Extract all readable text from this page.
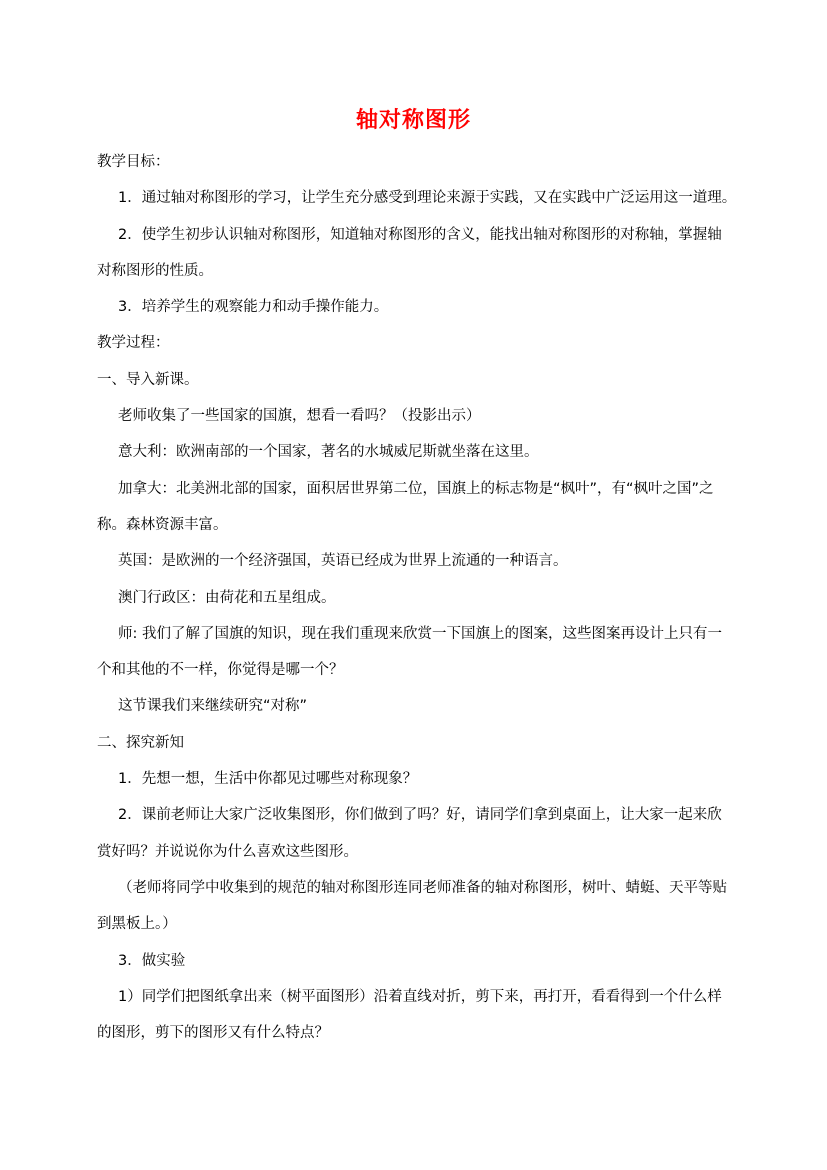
轴对称图形
教学目标：
1．通过轴对称图形的学习，让学生充分感受到理论来源于实践，又在实践中广泛运用这一道理。
2．使学生初步认识轴对称图形，知道轴对称图形的含义，能找出轴对称图形的对称轴，掌握轴
对称图形的性质。
3．培养学生的观察能力和动手操作能力。
教学过程：
一、导入新课。
老师收集了一些国家的国旗，想看一看吗？（投影出示）
意大利：欧洲南部的一个国家，著名的水城威尼斯就坐落在这里。
加拿大：北美洲北部的国家，面积居世界第二位，国旗上的标志物是“枫叶”，有“枫叶之国”之
称。森林资源丰富。
英国：是欧洲的一个经济强国，英语已经成为世界上流通的一种语言。
澳门行政区：由荷花和五星组成。
师: 我们了解了国旗的知识，现在我们重现来欣赏一下国旗上的图案，这些图案再设计上只有一
个和其他的不一样，你觉得是哪一个？
这节课我们来继续研究“对称”
二、探究新知
1．先想一想，生活中你都见过哪些对称现象？
2．课前老师让大家广泛收集图形，你们做到了吗？好，请同学们拿到桌面上，让大家一起来欣
赏好吗？并说说你为什么喜欢这些图形。
（老师将同学中收集到的规范的轴对称图形连同老师准备的轴对称图形，树叶、蜻蜓、天平等贴
到黑板上。）
3．做实验
1）同学们把图纸拿出来（树平面图形）沿着直线对折，剪下来，再打开，看看得到一个什么样
的图形，剪下的图形又有什么特点？
